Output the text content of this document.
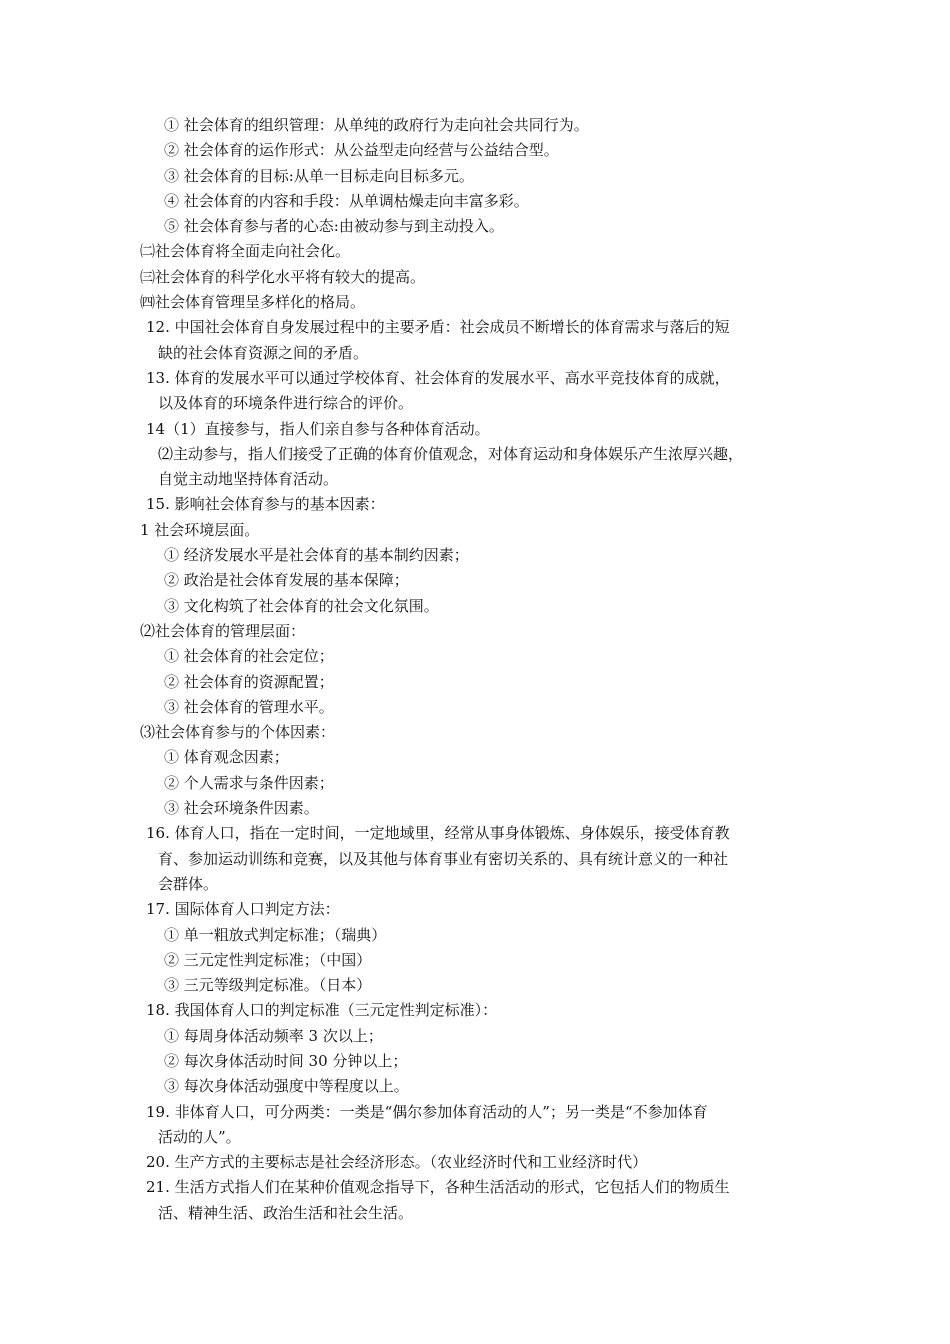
① 社会体育的组织管理：从单纯的政府行为走向社会共同行为。
② 社会体育的运作形式：从公益型走向经营与公益结合型。
③ 社会体育的目标:从单一目标走向目标多元。
④ 社会体育的内容和手段：从单调枯燥走向丰富多彩。
⑤ 社会体育参与者的心态:由被动参与到主动投入。
㈡社会体育将全面走向社会化。
㈢社会体育的科学化水平将有较大的提高。
㈣社会体育管理呈多样化的格局。
12. 中国社会体育自身发展过程中的主要矛盾：社会成员不断增长的体育需求与落后的短
缺的社会体育资源之间的矛盾。
13. 体育的发展水平可以通过学校体育、社会体育的发展水平、高水平竞技体育的成就，
以及体育的环境条件进行综合的评价。
14（1）直接参与，指人们亲自参与各种体育活动。
⑵主动参与，指人们接受了正确的体育价值观念，对体育运动和身体娱乐产生浓厚兴趣，
自觉主动地坚持体育活动。
15. 影响社会体育参与的基本因素：
1 社会环境层面。
① 经济发展水平是社会体育的基本制约因素；
② 政治是社会体育发展的基本保障；
③ 文化构筑了社会体育的社会文化氛围。
⑵社会体育的管理层面：
① 社会体育的社会定位；
② 社会体育的资源配置；
③ 社会体育的管理水平。
⑶社会体育参与的个体因素：
① 体育观念因素；
② 个人需求与条件因素；
③ 社会环境条件因素。
16. 体育人口，指在一定时间，一定地域里，经常从事身体锻炼、身体娱乐，接受体育教
育、参加运动训练和竞赛，以及其他与体育事业有密切关系的、具有统计意义的一种社
会群体。
17. 国际体育人口判定方法：
① 单一粗放式判定标准；（瑞典）
② 三元定性判定标准；（中国）
③ 三元等级判定标准。（日本）
18. 我国体育人口的判定标准（三元定性判定标准）：
① 每周身体活动频率 3 次以上；
② 每次身体活动时间 30 分钟以上；
③ 每次身体活动强度中等程度以上。
19. 非体育人口，可分两类：一类是“偶尔参加体育活动的人”；另一类是“不参加体育
活动的人”。
20. 生产方式的主要标志是社会经济形态。（农业经济时代和工业经济时代）
21. 生活方式指人们在某种价值观念指导下，各种生活活动的形式，它包括人们的物质生
活、精神生活、政治生活和社会生活。
